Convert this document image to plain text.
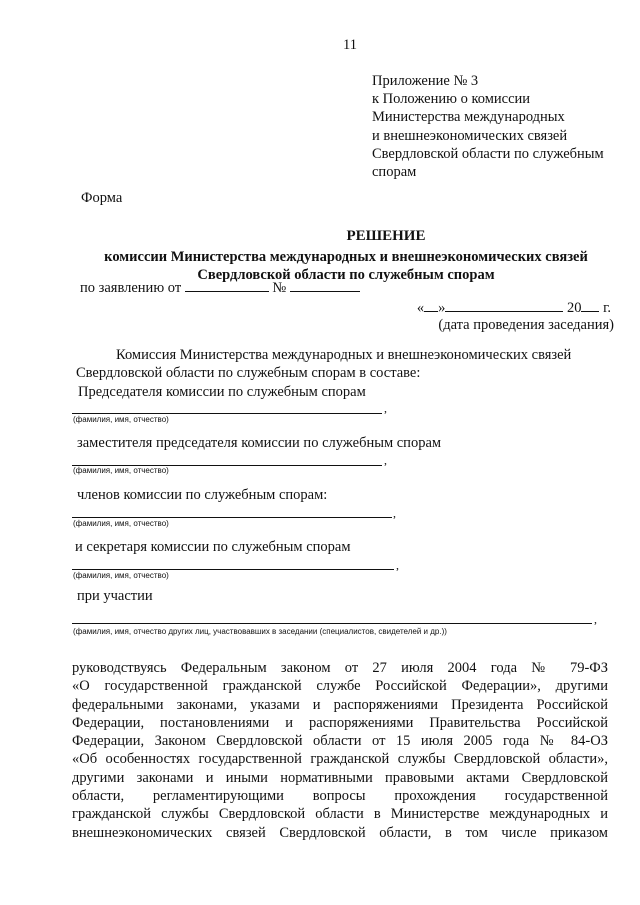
11
Приложение № 3
к Положению о комиссии
Министерства международных
и внешнеэкономических связей
Свердловской области по служебным
спорам
Форма
РЕШЕНИЕ
комиссии Министерства международных и внешнеэкономических связей
Свердловской области по служебным спорам
по заявлению от	№
« »	20 г.
(дата проведения заседания)
Комиссия Министерства международных и внешнеэкономических связей
Свердловской области по служебным спорам в составе:
Председателя комиссии по служебным спорам
,
(фамилия, имя, отчество)
заместителя председателя комиссии по служебным спорам
,
(фамилия, имя, отчество)
членов комиссии по служебным спорам:
,
(фамилия, имя, отчество)
и секретаря комиссии по служебным спорам
,
(фамилия, имя, отчество)
при участии
,
(фамилия, имя, отчество других лиц, участвовавших в заседании (специалистов, свидетелей и др.))
руководствуясь Федеральным законом от 27 июля 2004 года № 79-ФЗ
«О государственной гражданской службе Российской Федерации», другими
федеральными законами, указами и распоряжениями Президента Российской
Федерации, постановлениями и распоряжениями Правительства Российской
Федерации, Законом Свердловской области от 15 июля 2005 года № 84-ОЗ
«Об особенностях государственной гражданской службы Свердловской области»,
другими законами и иными нормативными правовыми актами Свердловской
области, регламентирующими вопросы прохождения государственной
гражданской службы Свердловской области в Министерстве международных и
внешнеэкономических связей Свердловской области, в том числе приказом
